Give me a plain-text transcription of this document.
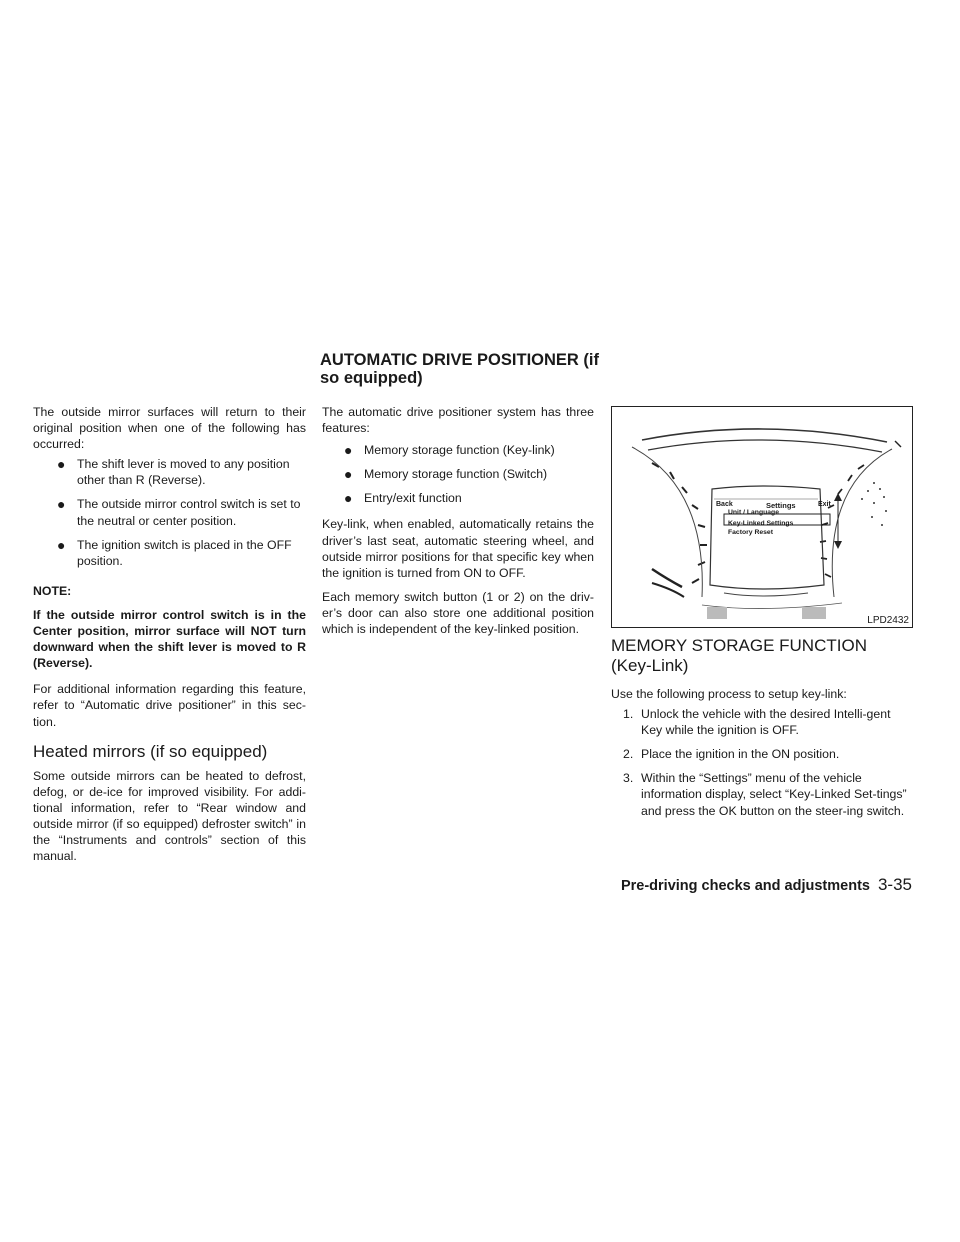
AUTOMATIC DRIVE POSITIONER (if
so equipped)

The outside mirror surfaces will return to their original position when one of the following has occurred:

● The shift lever is moved to any position other than R (Reverse).
● The outside mirror control switch is set to the neutral or center position.
● The ignition switch is placed in the OFF position.

NOTE:

If the outside mirror control switch is in the Center position, mirror surface will NOT turn downward when the shift lever is moved to R (Reverse).

For additional information regarding this feature, refer to “Automatic drive positioner” in this sec-tion.

Heated mirrors (if so equipped)

Some outside mirrors can be heated to defrost, defog, or de-ice for improved visibility. For addi-tional information, refer to “Rear window and outside mirror (if so equipped) defroster switch” in the “Instruments and controls” section of this manual.

The automatic drive positioner system has three features:

● Memory storage function (Key-link)
● Memory storage function (Switch)
● Entry/exit function

Key-link, when enabled, automatically retains the driver’s last seat, automatic steering wheel, and outside mirror positions for that specific key when the ignition is turned from ON to OFF.

Each memory switch button (1 or 2) on the driv-er’s door can also store one additional position which is independent of the key-linked position.

Back	Settings	Exit
Unit / Language
Key-Linked Settings
Factory Reset
LPD2432
MEMORY STORAGE FUNCTION
(Key-Link)

Use the following process to setup key-link:

1. Unlock the vehicle with the desired Intelli-gent Key while the ignition is OFF.
2. Place the ignition in the ON position.
3. Within the “Settings” menu of the vehicle information display, select “Key-Linked Set-tings” and press the OK button on the steer-ing switch.
Pre-driving checks and adjustments 3-35
